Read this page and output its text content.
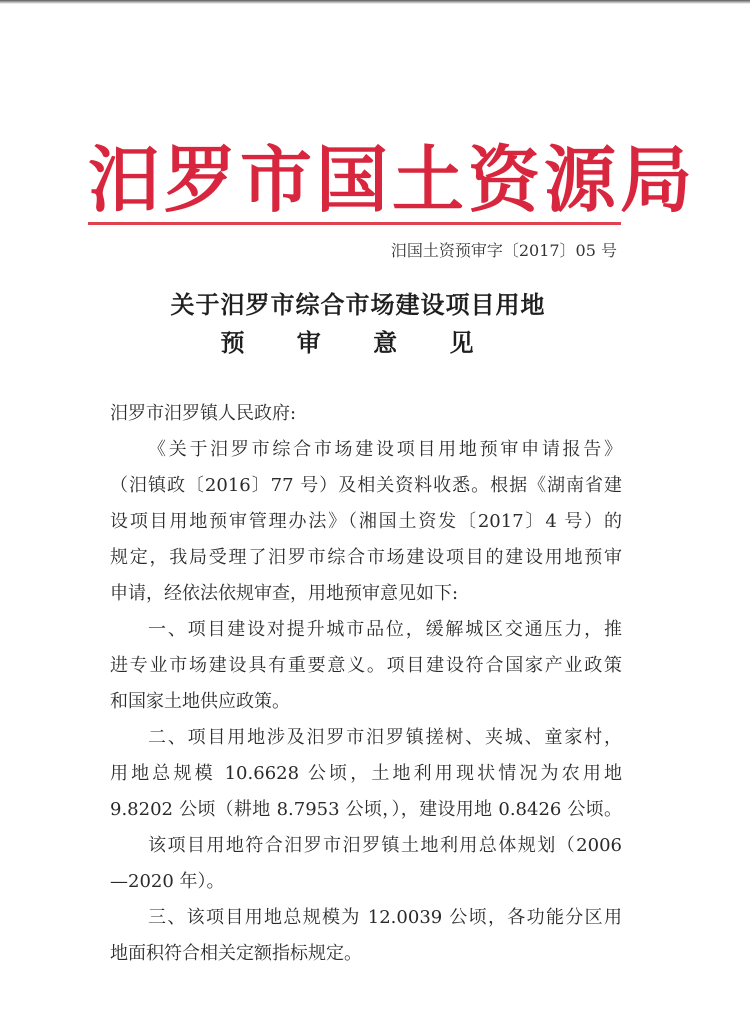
汨罗市国土资源局
汨国土资预审字〔2017〕05 号
关于汨罗市综合市场建设项目用地
预 审 意 见
汨罗市汨罗镇人民政府:
《关于汨罗市综合市场建设项目用地预审申请报告》
（汨镇政〔2016〕77 号）及相关资料收悉。根据《湖南省建
设项目用地预审管理办法》（湘国土资发〔2017〕4 号）的
规定，我局受理了汨罗市综合市场建设项目的建设用地预审
申请，经依法依规审查，用地预审意见如下:
一、项目建设对提升城市品位，缓解城区交通压力，推
进专业市场建设具有重要意义。项目建设符合国家产业政策
和国家土地供应政策。
二、项目用地涉及汨罗市汨罗镇搓树、夹城、童家村，
用地总规模 10.6628 公顷，土地利用现状情况为农用地
9.8202 公顷（耕地 8.7953 公顷，），建设用地 0.8426 公顷。
该项目用地符合汨罗市汨罗镇土地利用总体规划（2006
—2020 年）。
三、该项目用地总规模为 12.0039 公顷，各功能分区用
地面积符合相关定额指标规定。
